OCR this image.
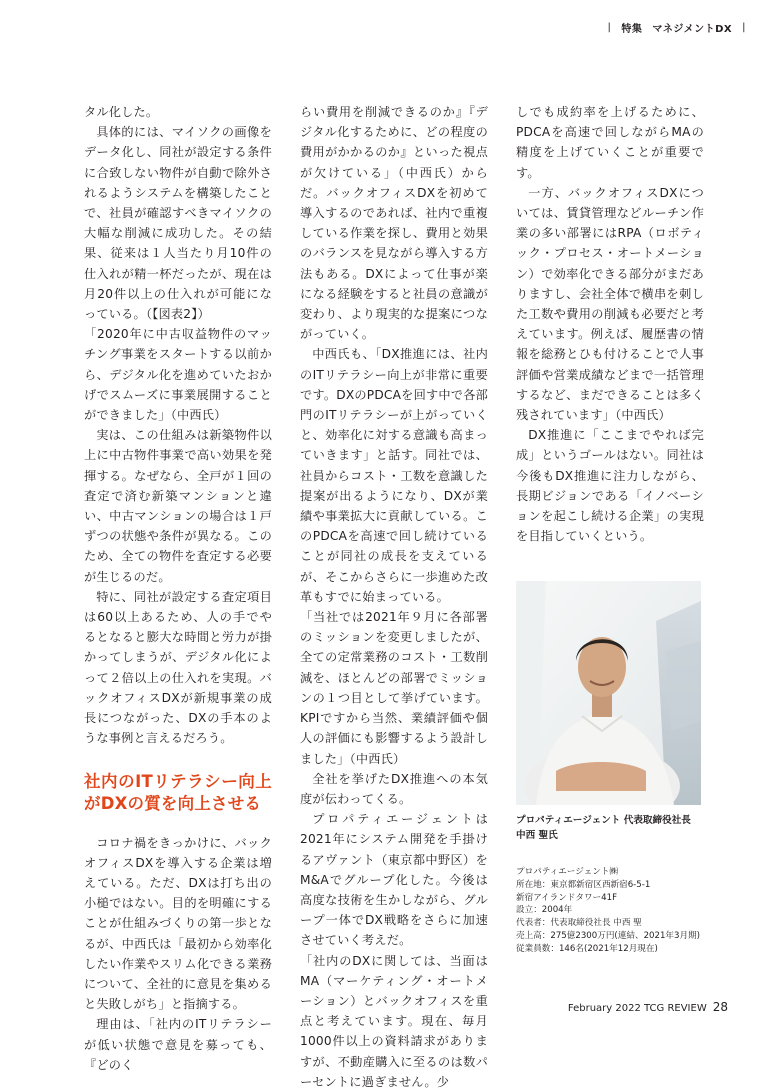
| 特集 マネジメントDX |

タル化した。

具体的には、マイソクの画像をデータ化し、同社が設定する条件に合致しない物件が自動で除外されるようシステムを構築したことで、社員が確認すべきマイソクの大幅な削減に成功した。その結果、従来は１人当たり月10件の仕入れが精一杯だったが、現在は月20件以上の仕入れが可能になっている。（【図表2】）

「2020年に中古収益物件のマッチング事業をスタートする以前から、デジタル化を進めていたおかげでスムーズに事業展開することができました」（中西氏）

実は、この仕組みは新築物件以上に中古物件事業で高い効果を発揮する。なぜなら、全戸が１回の査定で済む新築マンションと違い、中古マンションの場合は１戸ずつの状態や条件が異なる。このため、全ての物件を査定する必要が生じるのだ。

特に、同社が設定する査定項目は60以上あるため、人の手でやるとなると膨大な時間と労力が掛かってしまうが、デジタル化によって２倍以上の仕入れを実現。バックオフィスDXが新規事業の成長につながった、DXの手本のような事例と言えるだろう。

社内のITリテラシー向上がDXの質を向上させる

コロナ禍をきっかけに、バックオフィスDXを導入する企業は増えている。ただ、DXは打ち出の小槌ではない。目的を明確にすることが仕組みづくりの第一歩となるが、中西氏は「最初から効率化したい作業やスリム化できる業務について、全社的に意見を集めると失敗しがち」と指摘する。

理由は、「社内のITリテラシーが低い状態で意見を募っても、『どのく

らい費用を削減できるのか』『デジタル化するために、どの程度の費用がかかるのか』といった視点が欠けている」（中西氏）からだ。バックオフィスDXを初めて導入するのであれば、社内で重複している作業を探し、費用と効果のバランスを見ながら導入する方法もある。DXによって仕事が楽になる経験をすると社員の意識が変わり、より現実的な提案につながっていく。

中西氏も、「DX推進には、社内のITリテラシー向上が非常に重要です。DXのPDCAを回す中で各部門のITリテラシーが上がっていくと、効率化に対する意識も高まっていきます」と話す。同社では、社員からコスト・工数を意識した提案が出るようになり、DXが業績や事業拡大に貢献している。このPDCAを高速で回し続けていることが同社の成長を支えているが、そこからさらに一歩進めた改革もすでに始まっている。

「当社では2021年９月に各部署のミッションを変更しましたが、全ての定常業務のコスト・工数削減を、ほとんどの部署でミッションの１つ目として挙げています。KPIですから当然、業績評価や個人の評価にも影響するよう設計しました」（中西氏）

全社を挙げたDX推進への本気度が伝わってくる。

プロパティエージェントは2021年にシステム開発を手掛けるアヴァント（東京都中野区）をM&Aでグループ化した。今後は高度な技術を生かしながら、グループ一体でDX戦略をさらに加速させていく考えだ。

「社内のDXに関しては、当面はMA（マーケティング・オートメーション）とバックオフィスを重点と考えています。現在、毎月1000件以上の資料請求がありますが、不動産購入に至るのは数パーセントに過ぎません。少

しでも成約率を上げるために、PDCAを高速で回しながらMAの精度を上げていくことが重要です。

一方、バックオフィスDXについては、賃貸管理などルーチン作業の多い部署にはRPA（ロボティック・プロセス・オートメーション）で効率化できる部分がまだありますし、会社全体で横串を刺した工数や費用の削減も必要だと考えています。例えば、履歴書の情報を総務とひも付けることで人事評価や営業成績などまで一括管理するなど、まだできることは多く残されています」（中西氏）

DX推進に「ここまでやれば完成」というゴールはない。同社は今後もDX推進に注力しながら、長期ビジョンである「イノベーションを起こし続ける企業」の実現を目指していくという。

プロパティエージェント 代表取締役社長
中西 聖氏
プロパティエージェント㈱
所在地：東京都新宿区西新宿6-5-1
新宿アイランドタワー41F
設立：2004年
代表者：代表取締役社長 中西 聖
売上高：275億2300万円(連結、2021年3月期)
従業員数：146名(2021年12月現在)
February 2022 TCG REVIEW 28
